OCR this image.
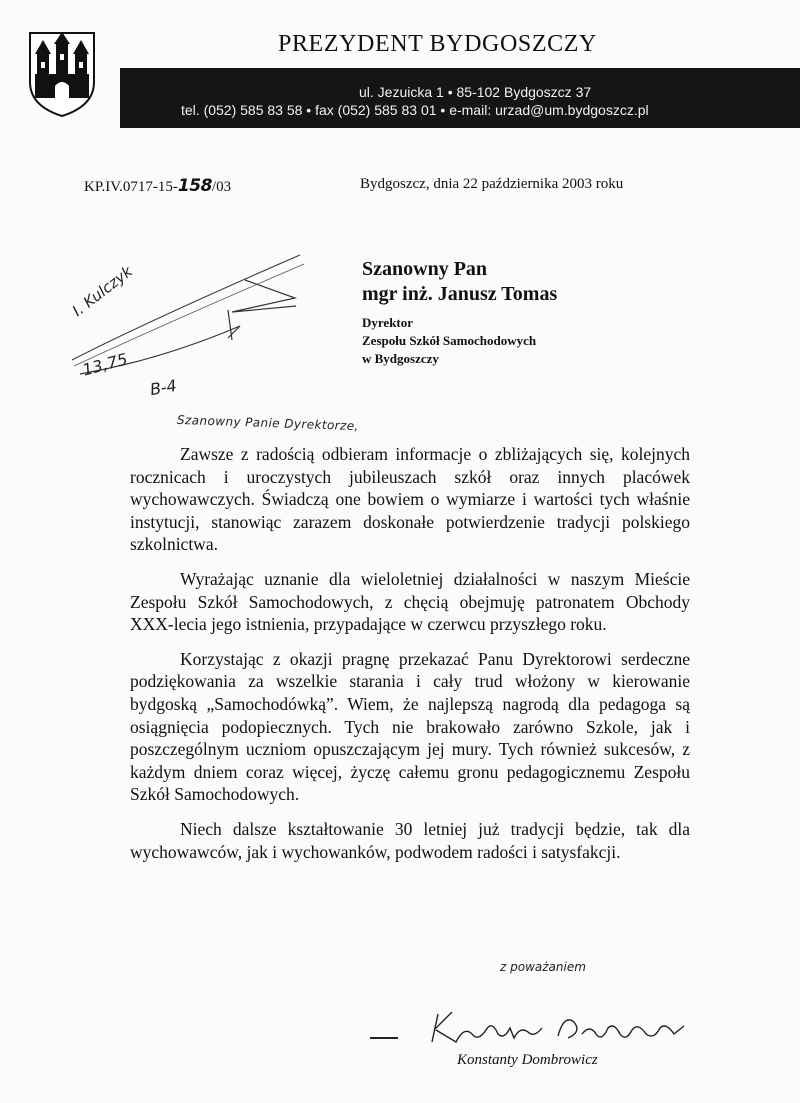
PREZYDENT BYDGOSZCZY
ul. Jezuicka 1 • 85-102 Bydgoszcz 37
tel. (052) 585 83 58 • fax (052) 585 83 01 • e-mail: urzad@um.bydgoszcz.pl
KP.IV.0717-15-158/03	Bydgoszcz, dnia 22 października 2003 roku
Szanowny Pan
mgr inż. Janusz Tomas
Dyrektor
Zespołu Szkół Samochodowych
w Bydgoszczy
I. Kulczyk
13,75
B-4
Szanowny Panie Dyrektorze,

Zawsze z radością odbieram informacje o zbliżających się, kolejnych rocznicach i uroczystych jubileuszach szkół oraz innych placówek wychowawczych. Świadczą one bowiem o wymiarze i wartości tych właśnie instytucji, stanowiąc zarazem doskonałe potwierdzenie tradycji polskiego szkolnictwa.

Wyrażając uznanie dla wieloletniej działalności w naszym Mieście Zespołu Szkół Samochodowych, z chęcią obejmuję patronatem Obchody XXX-lecia jego istnienia, przypadające w czerwcu przyszłego roku.

Korzystając z okazji pragnę przekazać Panu Dyrektorowi serdeczne podziękowania za wszelkie starania i cały trud włożony w kierowanie bydgoską „Samochodówką”. Wiem, że najlepszą nagrodą dla pedagoga są osiągnięcia podopiecznych. Tych nie brakowało zarówno Szkole, jak i poszczególnym uczniom opuszczającym jej mury. Tych również sukcesów, z każdym dniem coraz więcej, życzę całemu gronu pedagogicznemu Zespołu Szkół Samochodowych.

Niech dalsze kształtowanie 30 letniej już tradycji będzie, tak dla wychowawców, jak i wychowanków, podwodem radości i satysfakcji.

z poważaniem
Konstanty Dombrowicz
